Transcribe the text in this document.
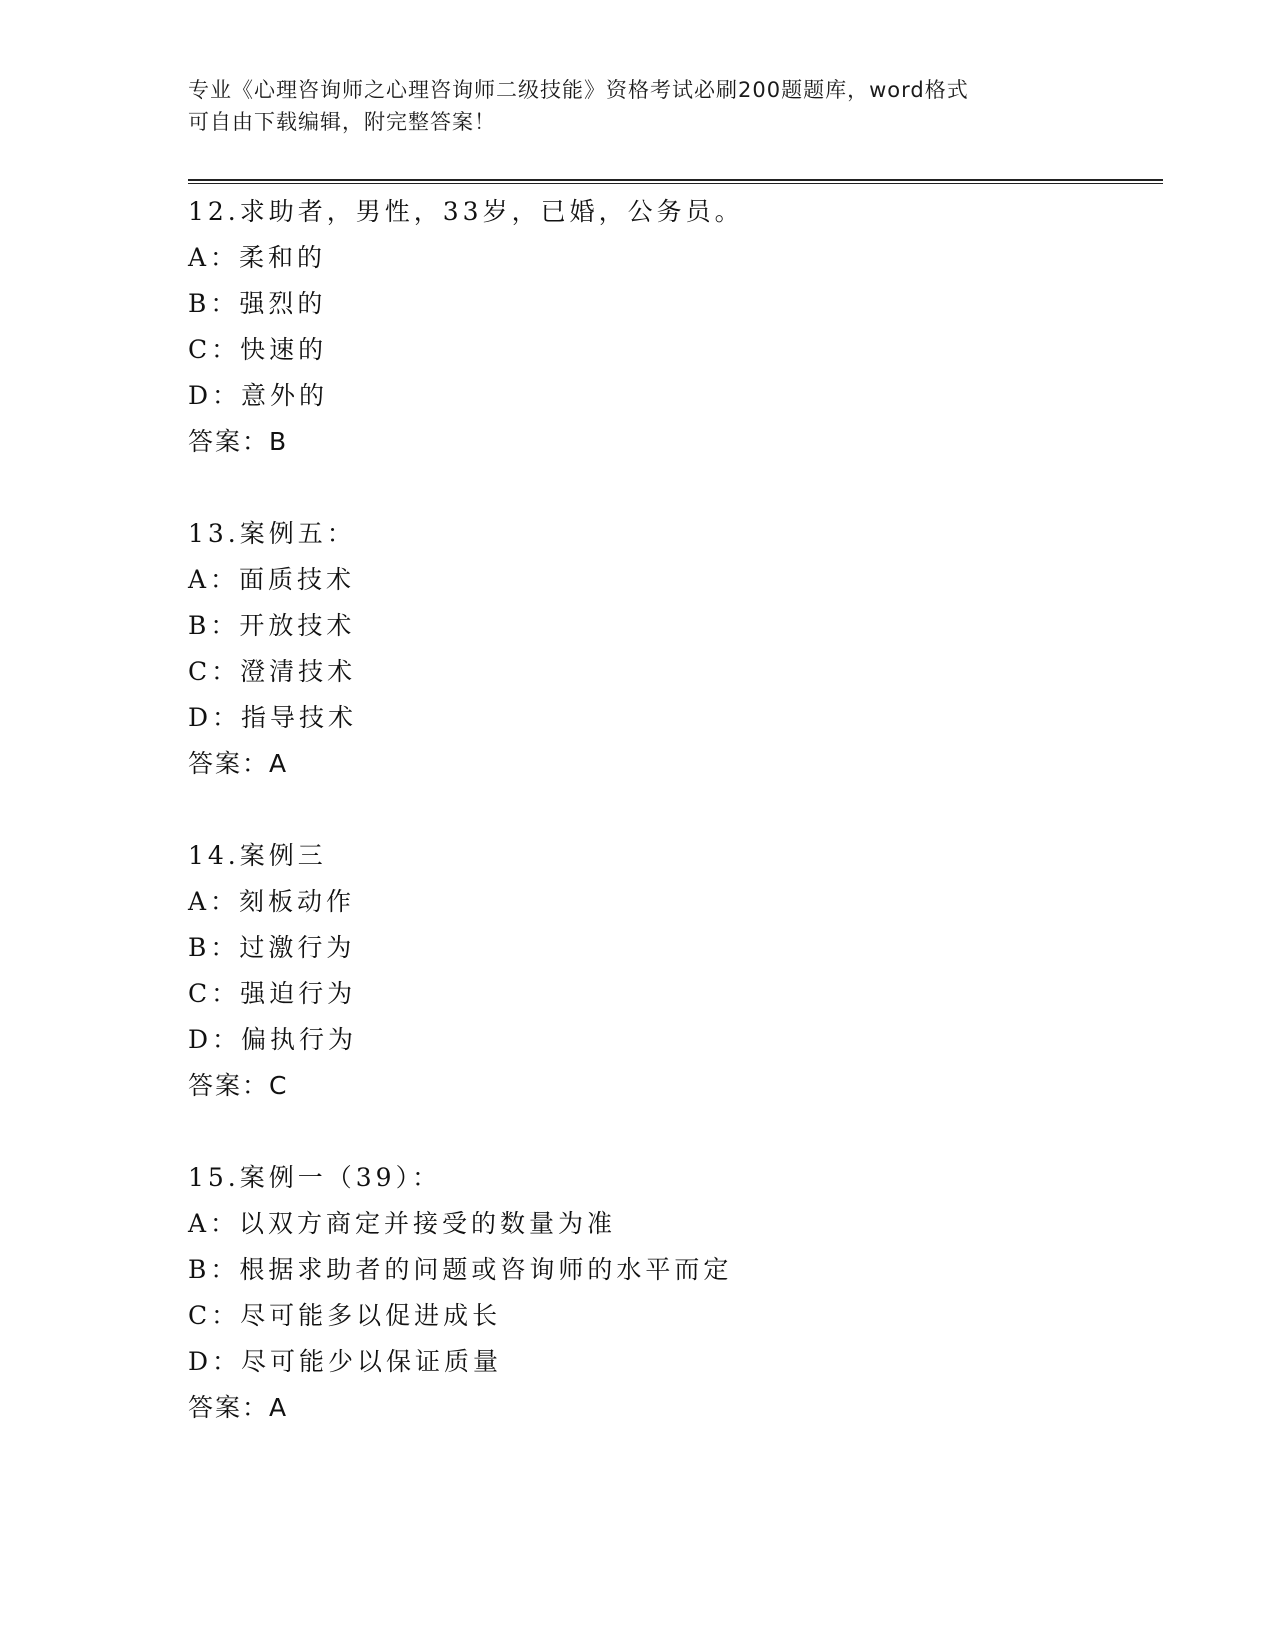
专业《心理咨询师之心理咨询师二级技能》资格考试必刷200题题库，word格式
可自由下载编辑，附完整答案！
12.求助者，男性，33岁，已婚，公务员。
A：柔和的
B：强烈的
C：快速的
D：意外的
答案：B
13.案例五：
A：面质技术
B：开放技术
C：澄清技术
D：指导技术
答案：A
14.案例三
A：刻板动作
B：过激行为
C：强迫行为
D：偏执行为
答案：C
15.案例一（39）：
A：以双方商定并接受的数量为准
B：根据求助者的问题或咨询师的水平而定
C：尽可能多以促进成长
D：尽可能少以保证质量
答案：A
